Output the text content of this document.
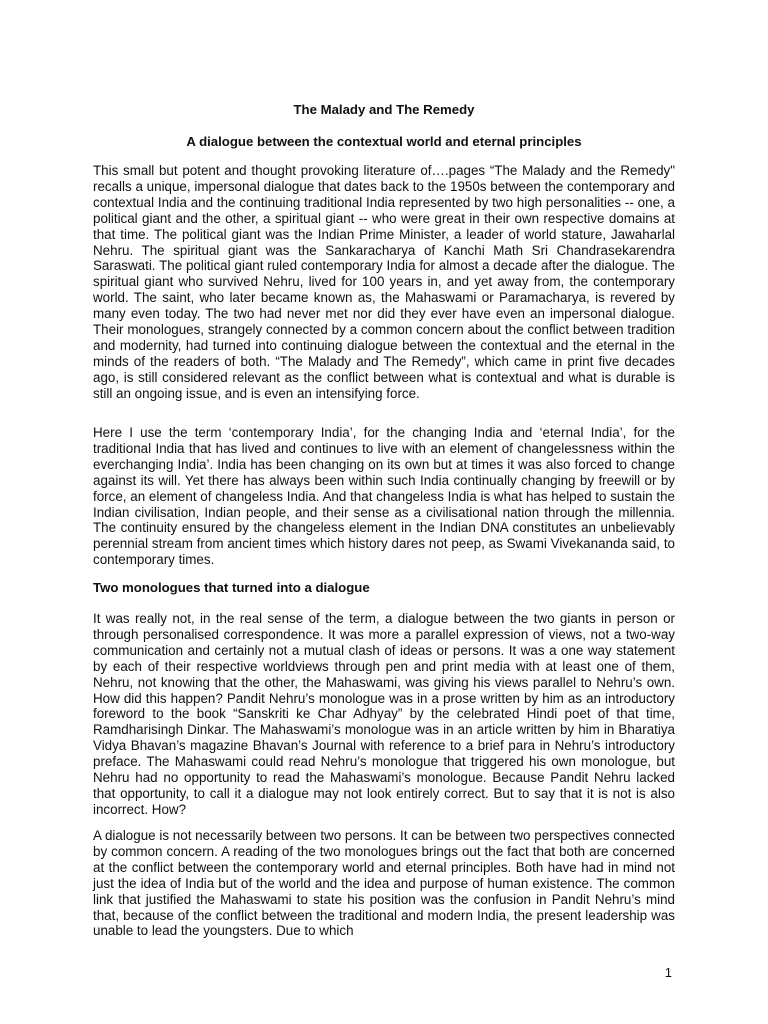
The Malady and The Remedy

A dialogue between the contextual world and eternal principles

This small but potent and thought provoking literature of….pages “The Malady and the Remedy" recalls a unique, impersonal dialogue that dates back to the 1950s between the contemporary and contextual India and the continuing traditional India represented by two high personalities -- one, a political giant and the other, a spiritual giant -- who were great in their own respective domains at that time. The political giant was the Indian Prime Minister, a leader of world stature, Jawaharlal Nehru. The spiritual giant was the Sankaracharya of Kanchi Math Sri Chandrasekarendra Saraswati. The political giant ruled contemporary India for almost a decade after the dialogue. The spiritual giant who survived Nehru, lived for 100 years in, and yet away from, the contemporary world. The saint, who later became known as, the Mahaswami or Paramacharya, is revered by many even today. The two had never met nor did they ever have even an impersonal dialogue. Their monologues, strangely connected by a common concern about the conflict between tradition and modernity, had turned into continuing dialogue between the contextual and the eternal in the minds of the readers of both. “The Malady and The Remedy”, which came in print five decades ago, is still considered relevant as the conflict between what is contextual and what is durable is still an ongoing issue, and is even an intensifying force.

Here I use the term ‘contemporary India’, for the changing India and ‘eternal India’, for the traditional India that has lived and continues to live with an element of changelessness within the everchanging India’. India has been changing on its own but at times it was also forced to change against its will. Yet there has always been within such India continually changing by freewill or by force, an element of changeless India. And that changeless India is what has helped to sustain the Indian civilisation, Indian people, and their sense as a civilisational nation through the millennia. The continuity ensured by the changeless element in the Indian DNA constitutes an unbelievably perennial stream from ancient times which history dares not peep, as Swami Vivekananda said, to contemporary times.

Two monologues that turned into a dialogue

It was really not, in the real sense of the term, a dialogue between the two giants in person or through personalised correspondence. It was more a parallel expression of views, not a two-way communication and certainly not a mutual clash of ideas or persons. It was a one way statement by each of their respective worldviews through pen and print media with at least one of them, Nehru, not knowing that the other, the Mahaswami, was giving his views parallel to Nehru’s own. How did this happen? Pandit Nehru’s monologue was in a prose written by him as an introductory foreword to the book “Sanskriti ke Char Adhyay” by the celebrated Hindi poet of that time, Ramdharisingh Dinkar. The Mahaswami’s monologue was in an article written by him in Bharatiya Vidya Bhavan’s magazine Bhavan’s Journal with reference to a brief para in Nehru’s introductory preface. The Mahaswami could read Nehru’s monologue that triggered his own monologue, but Nehru had no opportunity to read the Mahaswami’s monologue. Because Pandit Nehru lacked that opportunity, to call it a dialogue may not look entirely correct. But to say that it is not is also incorrect. How?

A dialogue is not necessarily between two persons. It can be between two perspectives connected by common concern. A reading of the two monologues brings out the fact that both are concerned at the conflict between the contemporary world and eternal principles. Both have had in mind not just the idea of India but of the world and the idea and purpose of human existence. The common link that justified the Mahaswami to state his position was the confusion in Pandit Nehru’s mind that, because of the conflict between the traditional and modern India, the present leadership was unable to lead the youngsters. Due to which

1
